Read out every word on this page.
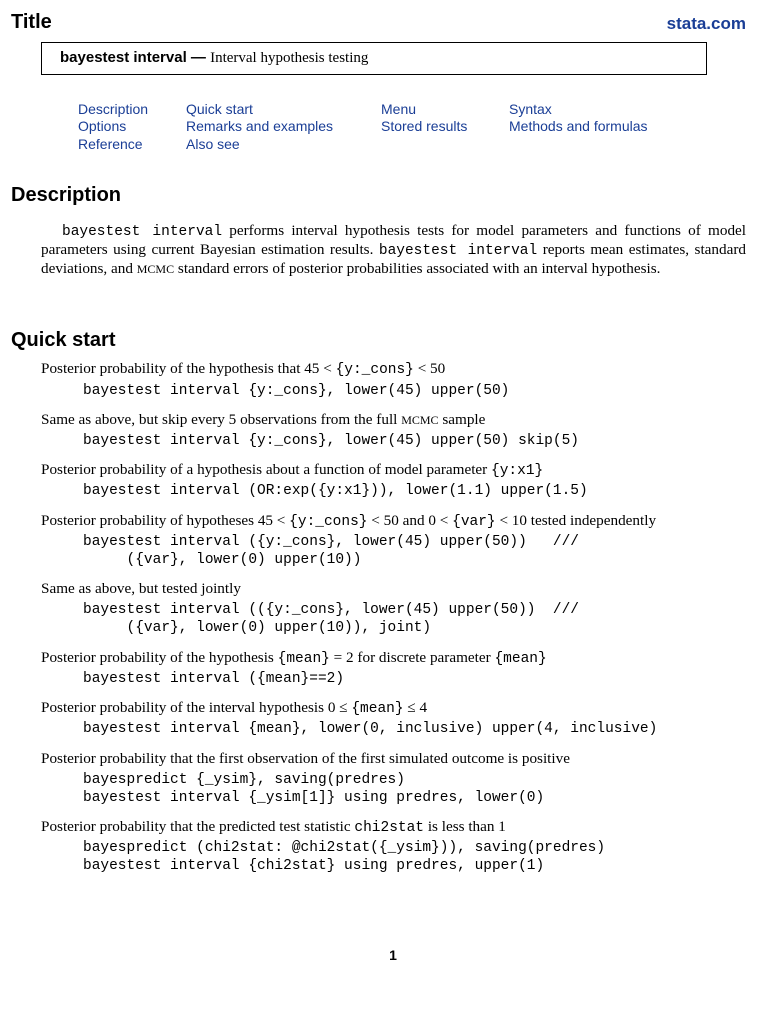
Title	stata.com
bayestest interval — Interval hypothesis testing
Description	Quick start	Menu	Syntax
Options	Remarks and examples	Stored results	Methods and formulas
Reference	Also see
Description

bayestest interval performs interval hypothesis tests for model parameters and functions of model parameters using current Bayesian estimation results. bayestest interval reports mean estimates, standard deviations, and MCMC standard errors of posterior probabilities associated with an interval hypothesis.

Quick start
Posterior probability of the hypothesis that 45 < {y:_cons} < 50
bayestest interval {y:_cons}, lower(45) upper(50)
Same as above, but skip every 5 observations from the full MCMC sample
bayestest interval {y:_cons}, lower(45) upper(50) skip(5)
Posterior probability of a hypothesis about a function of model parameter {y:x1}
bayestest interval (OR:exp({y:x1})), lower(1.1) upper(1.5)
Posterior probability of hypotheses 45 < {y:_cons} < 50 and 0 < {var} < 10 tested independently
bayestest interval ({y:_cons}, lower(45) upper(50))   ///
({var}, lower(0) upper(10))
Same as above, but tested jointly
bayestest interval (({y:_cons}, lower(45) upper(50))  ///
({var}, lower(0) upper(10)), joint)
Posterior probability of the hypothesis {mean} = 2 for discrete parameter {mean}
bayestest interval ({mean}==2)
Posterior probability of the interval hypothesis 0 ≤ {mean} ≤ 4
bayestest interval {mean}, lower(0, inclusive) upper(4, inclusive)
Posterior probability that the first observation of the first simulated outcome is positive
bayespredict {_ysim}, saving(predres)
bayestest interval {_ysim[1]} using predres, lower(0)
Posterior probability that the predicted test statistic chi2stat is less than 1
bayespredict (chi2stat: @chi2stat({_ysim})), saving(predres)
bayestest interval {chi2stat} using predres, upper(1)
1
